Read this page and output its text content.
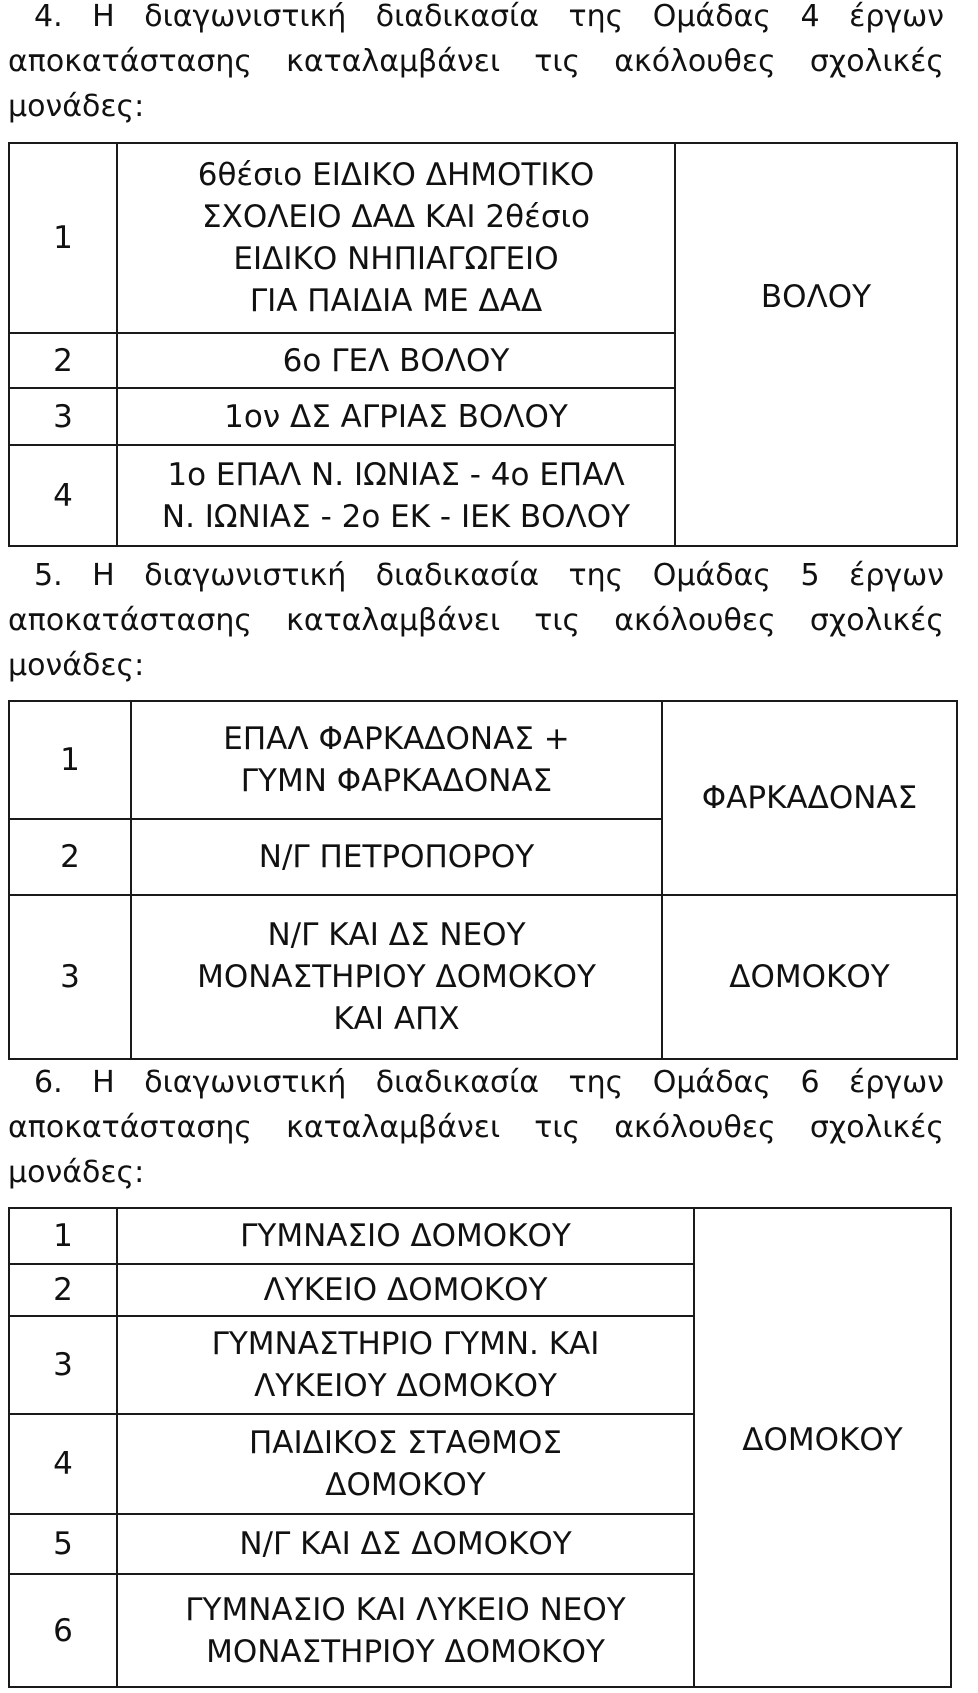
4. Η διαγωνιστική διαδικασία της Ομάδας 4 έργων αποκατάστασης καταλαμβάνει τις ακόλουθες σχολικές μονάδες:

1	6θέσιο ΕΙΔΙΚΟ ΔΗΜΟΤΙΚΟ
ΣΧΟΛΕΙΟ ΔΑΔ ΚΑΙ 2θέσιο
ΕΙΔΙΚΟ ΝΗΠΙΑΓΩΓΕΙΟ
ΓΙΑ ΠΑΙΔΙΑ ΜΕ ΔΑΔ	ΒΟΛΟΥ

2	6ο ΓΕΛ ΒΟΛΟΥ	

3	1ον ΔΣ ΑΓΡΙΑΣ ΒΟΛΟΥ	

4	1ο ΕΠΑΛ Ν. ΙΩΝΙΑΣ - 4ο ΕΠΑΛ
Ν. ΙΩΝΙΑΣ - 2ο ΕΚ - ΙΕΚ ΒΟΛΟΥ	

5. Η διαγωνιστική διαδικασία της Ομάδας 5 έργων αποκατάστασης καταλαμβάνει τις ακόλουθες σχολικές μονάδες:

1	ΕΠΑΛ ΦΑΡΚΑΔΟΝΑΣ +
ΓΥΜΝ ΦΑΡΚΑΔΟΝΑΣ	ΦΑΡΚΑΔΟΝΑΣ

2	Ν/Γ ΠΕΤΡΟΠΟΡΟΥ	

3	Ν/Γ ΚΑΙ ΔΣ ΝΕΟΥ
ΜΟΝΑΣΤΗΡΙΟΥ ΔΟΜΟΚΟΥ
ΚΑΙ ΑΠΧ	ΔΟΜΟΚΟΥ

6. Η διαγωνιστική διαδικασία της Ομάδας 6 έργων αποκατάστασης καταλαμβάνει τις ακόλουθες σχολικές μονάδες:

1	ΓΥΜΝΑΣΙΟ ΔΟΜΟΚΟΥ	ΔΟΜΟΚΟΥ

2	ΛΥΚΕΙΟ ΔΟΜΟΚΟΥ	

3	ΓΥΜΝΑΣΤΗΡΙΟ ΓΥΜΝ. ΚΑΙ
ΛΥΚΕΙΟΥ ΔΟΜΟΚΟΥ	

4	ΠΑΙΔΙΚΟΣ ΣΤΑΘΜΟΣ
ΔΟΜΟΚΟΥ	

5	Ν/Γ ΚΑΙ ΔΣ ΔΟΜΟΚΟΥ	

6	ΓΥΜΝΑΣΙΟ ΚΑΙ ΛΥΚΕΙΟ ΝΕΟΥ
ΜΟΝΑΣΤΗΡΙΟΥ ΔΟΜΟΚΟΥ	
